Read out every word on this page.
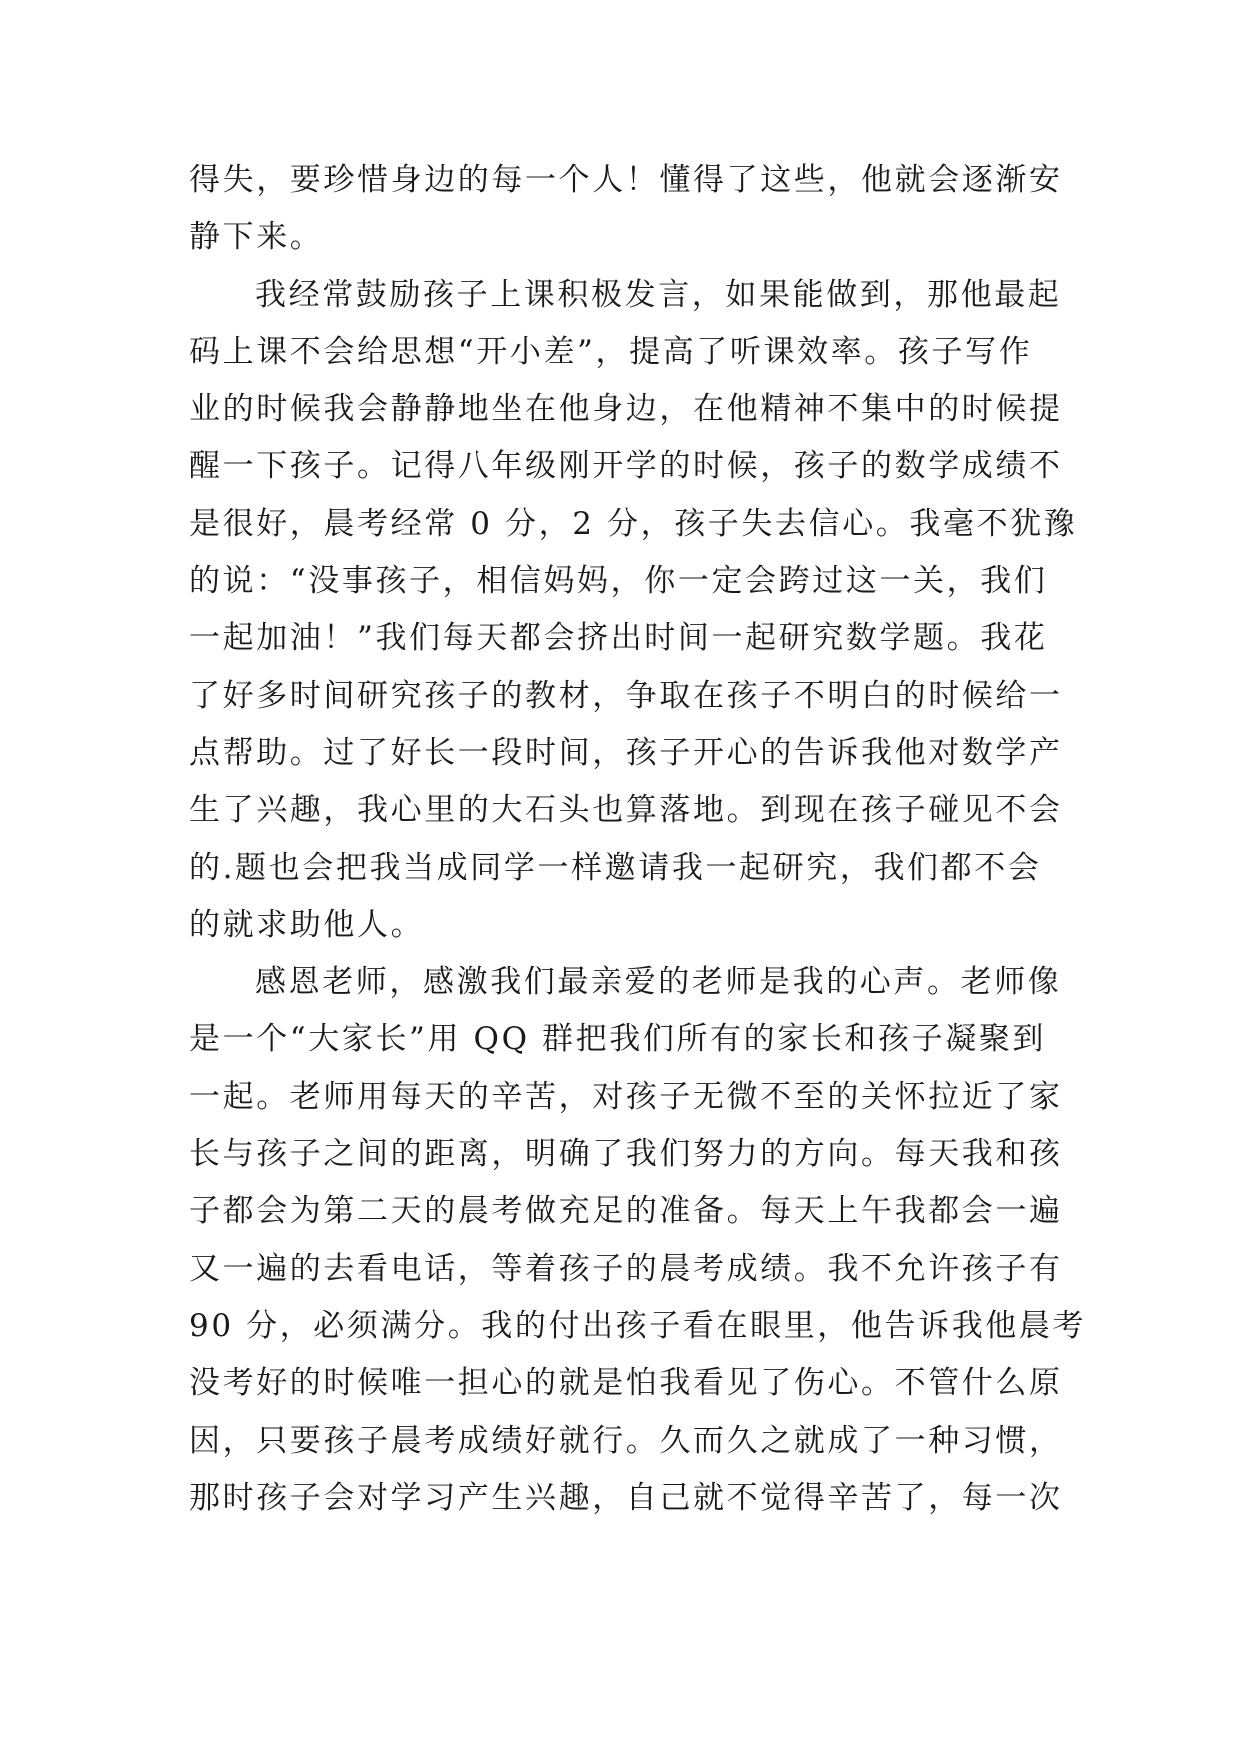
得失，要珍惜身边的每一个人！懂得了这些，他就会逐渐安
静下来。
我经常鼓励孩子上课积极发言，如果能做到，那他最起
码上课不会给思想“开小差”，提高了听课效率。孩子写作
业的时候我会静静地坐在他身边，在他精神不集中的时候提
醒一下孩子。记得八年级刚开学的时候，孩子的数学成绩不
是很好，晨考经常 0 分，2 分，孩子失去信心。我毫不犹豫
的说：“没事孩子，相信妈妈，你一定会跨过这一关，我们
一起加油！”我们每天都会挤出时间一起研究数学题。我花
了好多时间研究孩子的教材，争取在孩子不明白的时候给一
点帮助。过了好长一段时间，孩子开心的告诉我他对数学产
生了兴趣，我心里的大石头也算落地。到现在孩子碰见不会
的.题也会把我当成同学一样邀请我一起研究，我们都不会
的就求助他人。
感恩老师，感激我们最亲爱的老师是我的心声。老师像
是一个“大家长”用 QQ 群把我们所有的家长和孩子凝聚到
一起。老师用每天的辛苦，对孩子无微不至的关怀拉近了家
长与孩子之间的距离，明确了我们努力的方向。每天我和孩
子都会为第二天的晨考做充足的准备。每天上午我都会一遍
又一遍的去看电话，等着孩子的晨考成绩。我不允许孩子有
90 分，必须满分。我的付出孩子看在眼里，他告诉我他晨考
没考好的时候唯一担心的就是怕我看见了伤心。不管什么原
因，只要孩子晨考成绩好就行。久而久之就成了一种习惯，
那时孩子会对学习产生兴趣，自己就不觉得辛苦了，每一次
